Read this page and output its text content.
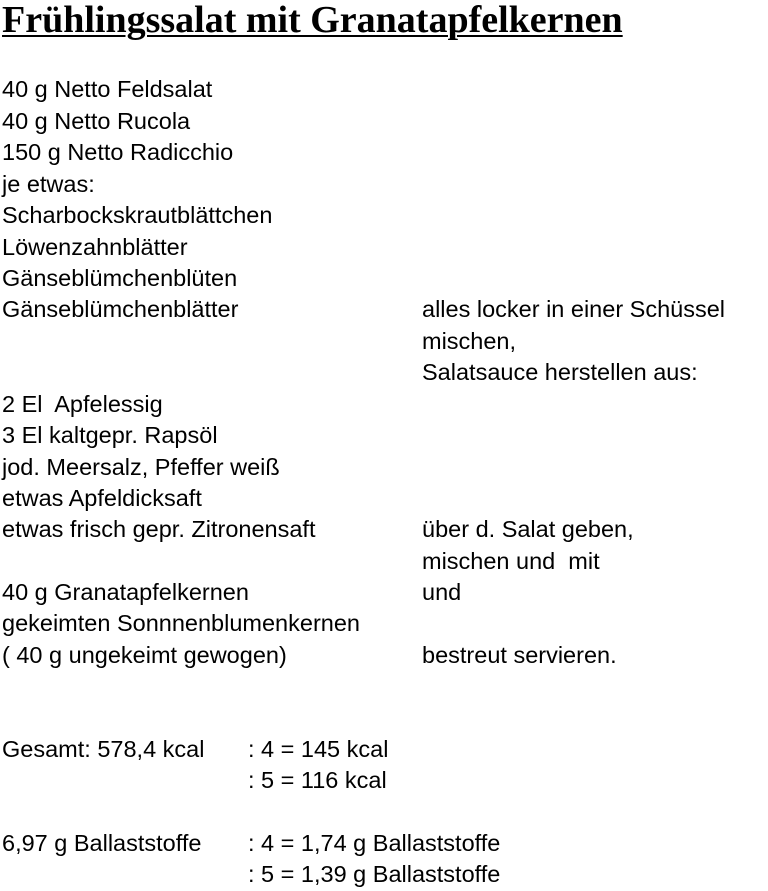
Frühlingssalat mit Granatapfelkernen
40 g Netto Feldsalat
40 g Netto Rucola
150 g Netto Radicchio
je etwas:
Scharbockskrautblättchen
Löwenzahnblätter
Gänseblümchenblüten
Gänseblümchenblätter
2 El  Apfelessig
3 El kaltgepr. Rapsöl
jod. Meersalz, Pfeffer weiß
etwas Apfeldicksaft
etwas frisch gepr. Zitronensaft
40 g Granatapfelkernen
gekeimten Sonnnenblumenkernen
( 40 g ungekeimt gewogen)
alles locker in einer Schüssel
mischen,
Salatsauce herstellen aus:
über d. Salat geben,
mischen und  mit
und
bestreut servieren.
Gesamt: 578,4 kcal : 4 = 145 kcal
: 5 = 116 kcal
6,97 g Ballaststoffe : 4 = 1,74 g Ballaststoffe
: 5 = 1,39 g Ballaststoffe
